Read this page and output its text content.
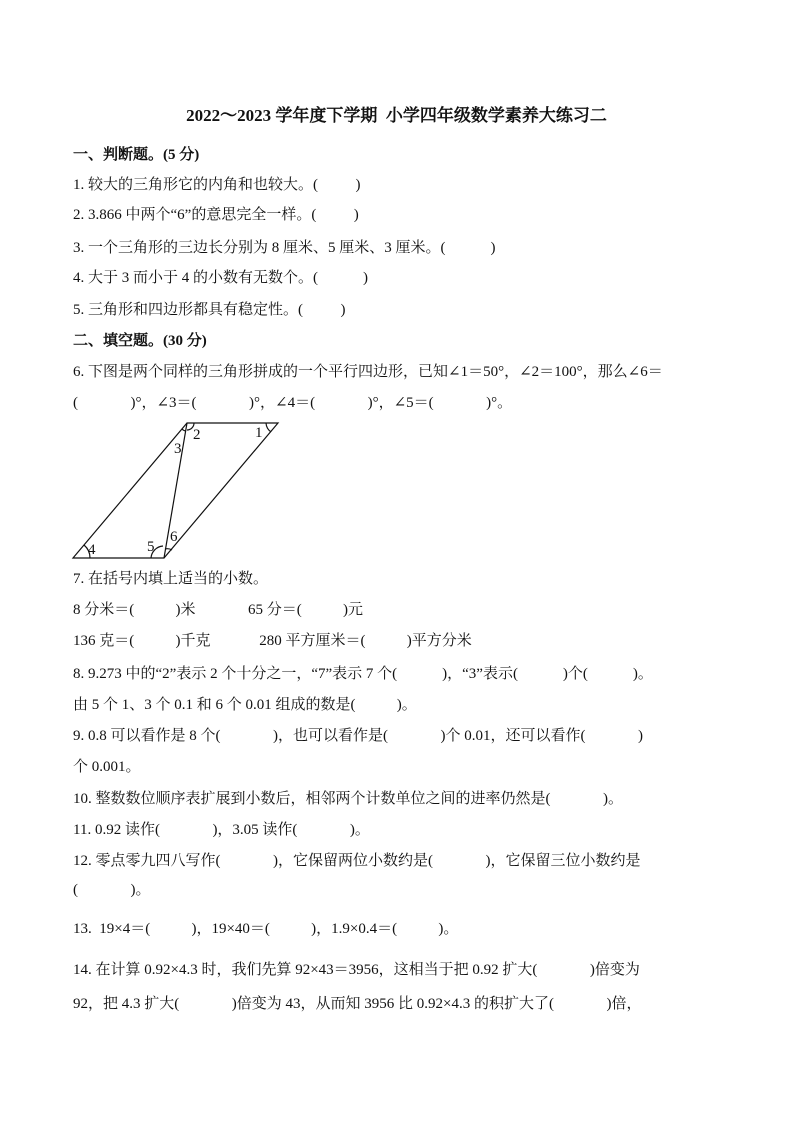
2022～2023 学年度下学期  小学四年级数学素养大练习二
一、判断题。(5 分)
1. 较大的三角形它的内角和也较大。(          )
2. 3.866 中两个“6”的意思完全一样。(          )
3. 一个三角形的三边长分别为 8 厘米、5 厘米、3 厘米。(            )
4. 大于 3 而小于 4 的小数有无数个。(            )
5. 三角形和四边形都具有稳定性。(          )
二、填空题。(30 分)
6. 下图是两个同样的三角形拼成的一个平行四边形，已知∠1＝50°，∠2＝100°，那么∠6＝
(              )°，∠3＝(              )°，∠4＝(              )°，∠5＝(              )°。
1
2
3
4	5
6
7. 在括号内填上适当的小数。
8 分米＝(           )米              65 分＝(           )元
136 克＝(           )千克             280 平方厘米＝(           )平方分米
8. 9.273 中的“2”表示 2 个十分之一，“7”表示 7 个(            )，“3”表示(            )个(            )。
由 5 个 1、3 个 0.1 和 6 个 0.01 组成的数是(           )。
9. 0.8 可以看作是 8 个(              )，也可以看作是(              )个 0.01，还可以看作(              )
个 0.001。
10. 整数数位顺序表扩展到小数后，相邻两个计数单位之间的进率仍然是(              )。
11. 0.92 读作(              )，3.05 读作(              )。
12. 零点零九四八写作(              )，它保留两位小数约是(              )，它保留三位小数约是
(              )。
13.  19×4＝(           )，19×40＝(           )，1.9×0.4＝(           )。
14. 在计算 0.92×4.3 时，我们先算 92×43＝3956，这相当于把 0.92 扩大(              )倍变为
92，把 4.3 扩大(              )倍变为 43，从而知 3956 比 0.92×4.3 的积扩大了(              )倍，
